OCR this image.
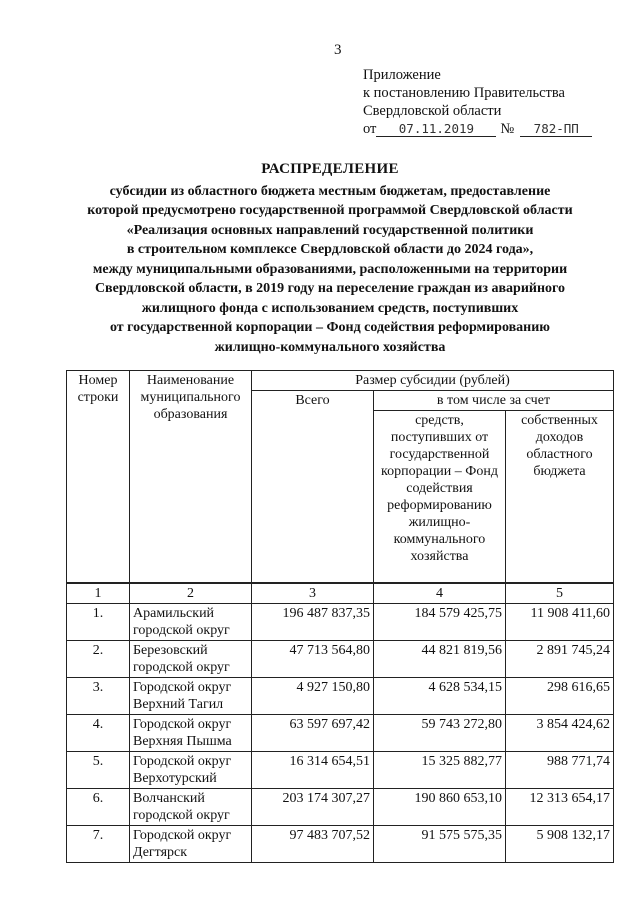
3
Приложение
к постановлению Правительства
Свердловской области
от	07.11.2019	№	782-ПП
РАСПРЕДЕЛЕНИЕ
субсидии из областного бюджета местным бюджетам, предоставление
которой предусмотрено государственной программой Свердловской области
«Реализация основных направлений государственной политики
в строительном комплексе Свердловской области до 2024 года»,
между муниципальными образованиями, расположенными на территории
Свердловской области, в 2019 году на переселение граждан из аварийного
жилищного фонда с использованием средств, поступивших
от государственной корпорации – Фонд содействия реформированию
жилищно-коммунального хозяйства
Номер строки	Наименование муниципального образования	Размер субсидии (рублей)		
		Всего	в том числе за счет	
			средств, поступивших от государственной корпорации – Фонд содействия реформированию жилищно-коммунального хозяйства	собственных доходов областного бюджета
1	2	3	4	5
1.	Арамильский городской округ	196 487 837,35	184 579 425,75	11 908 411,60
2.	Березовский городской округ	47 713 564,80	44 821 819,56	2 891 745,24
3.	Городской округ Верхний Тагил	4 927 150,80	4 628 534,15	298 616,65
4.	Городской округ Верхняя Пышма	63 597 697,42	59 743 272,80	3 854 424,62
5.	Городской округ Верхотурский	16 314 654,51	15 325 882,77	988 771,74
6.	Волчанский городской округ	203 174 307,27	190 860 653,10	12 313 654,17
7.	Городской округ Дегтярск	97 483 707,52	91 575 575,35	5 908 132,17
